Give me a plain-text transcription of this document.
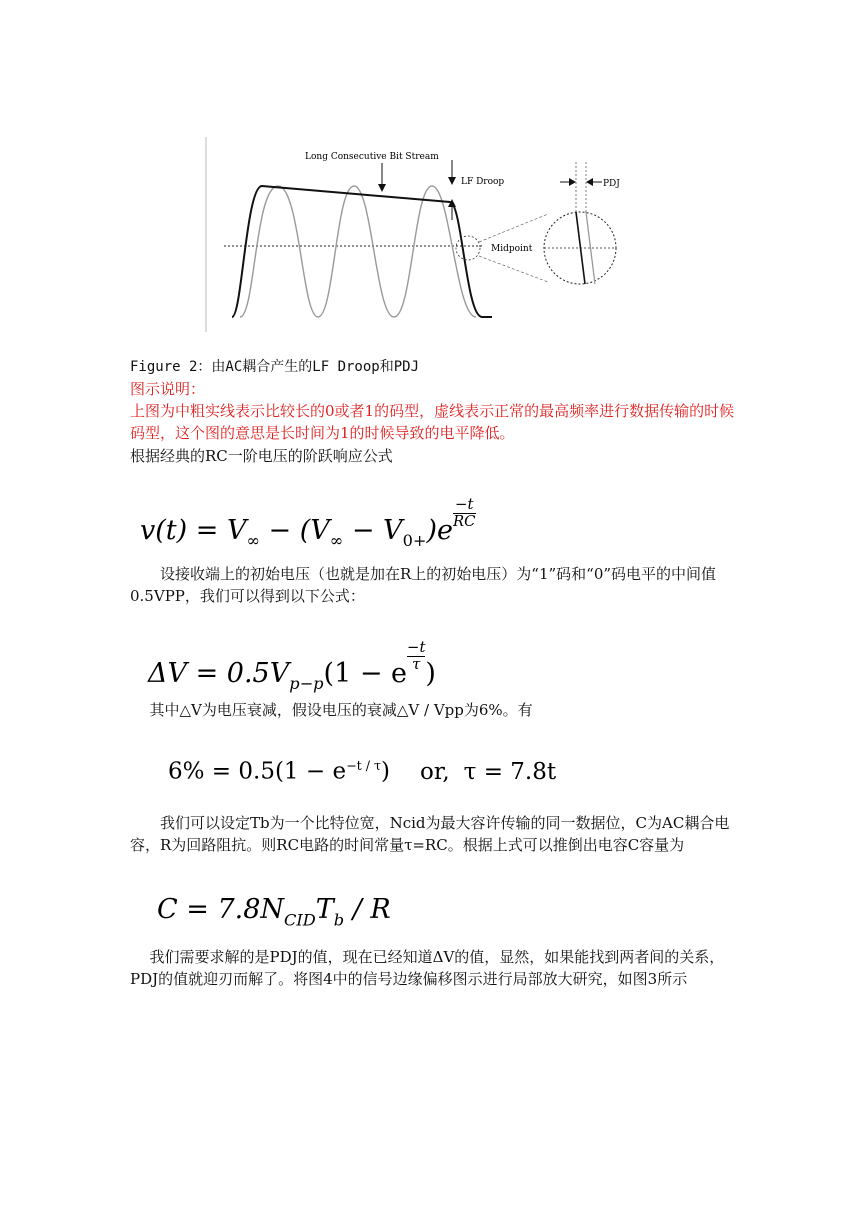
Long Consecutive Bit Stream
LF Droop
Midpoint
PDJ
Figure 2：由AC耦合产生的LF Droop和PDJ
图示说明：
上图为中粗实线表示比较长的0或者1的码型，虚线表示正常的最高频率进行数据传输的时候码型，这个图的意思是长时间为1的时候导致的电平降低。
根据经典的RC一阶电压的阶跃响应公式
$v(t) = V_\infty - (V_\infty - V_{0+})e$
$\frac{-t}{RC}$
设接收端上的初始电压（也就是加在R上的初始电压）为“1”码和“0”码电平的中间值0.5VPP，我们可以得到以下公式：
$\Delta V = 0.5V_{p-p}(1 - e$
$\frac{-t}{\tau}$
)
其中△V为电压衰减，假设电压的衰减△V / Vpp为6%。有
$6\% = 0.5(1 - e^{-t / \tau})$ or, τ = 7.8t
我们可以设定Tb为一个比特位宽，Ncid为最大容许传输的同一数据位，C为AC耦合电容，R为回路阻抗。则RC电路的时间常量τ=RC。根据上式可以推倒出电容C容量为
$C = 7.8N_{CID}T_b / R$
我们需要求解的是PDJ的值，现在已经知道ΔV的值，显然，如果能找到两者间的关系，PDJ的值就迎刃而解了。将图4中的信号边缘偏移图示进行局部放大研究，如图3所示
